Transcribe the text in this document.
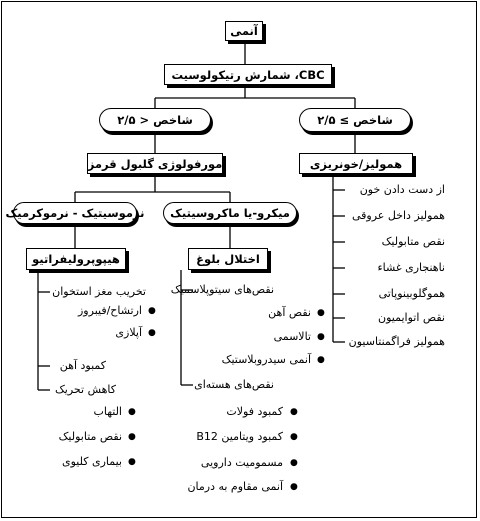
آنمی
CBC، شمارش رتیکولوسیت
شاخص ≥ ۲/۵
شاخص < ۲/۵
همولیز/خونریزی
از دست دادن خون
همولیز داخل عروقی
نقص متابولیک
ناهنجاری غشاء
هموگلوبینوپاتی
نقص اتوایمیون
همولیز فراگمنتاسیون
مورفولوژی گلبول قرمز
نرموسیتیک - نرموکرمیک	میکرو-یا ماکروسیتیک
هیپوپرولیفراتیو	اختلال بلوغ
تخریب مغز استخوان
●
ارتشاح/فیبروز
●
آپلازی
کمبود آهن
کاهش تحریک
●
التهاب
●
نقص متابولیک
●
بیماری کلیوی
نقص‌های سیتوپلاسمیک
●
نقص آهن
●
تالاسمی
●
آنمی سیدروبلاستیک
نقص‌های هسته‌ای
●
کمبود فولات
●
کمبود ویتامین B12
●
مسمومیت دارویی
●
آنمی مقاوم به درمان
